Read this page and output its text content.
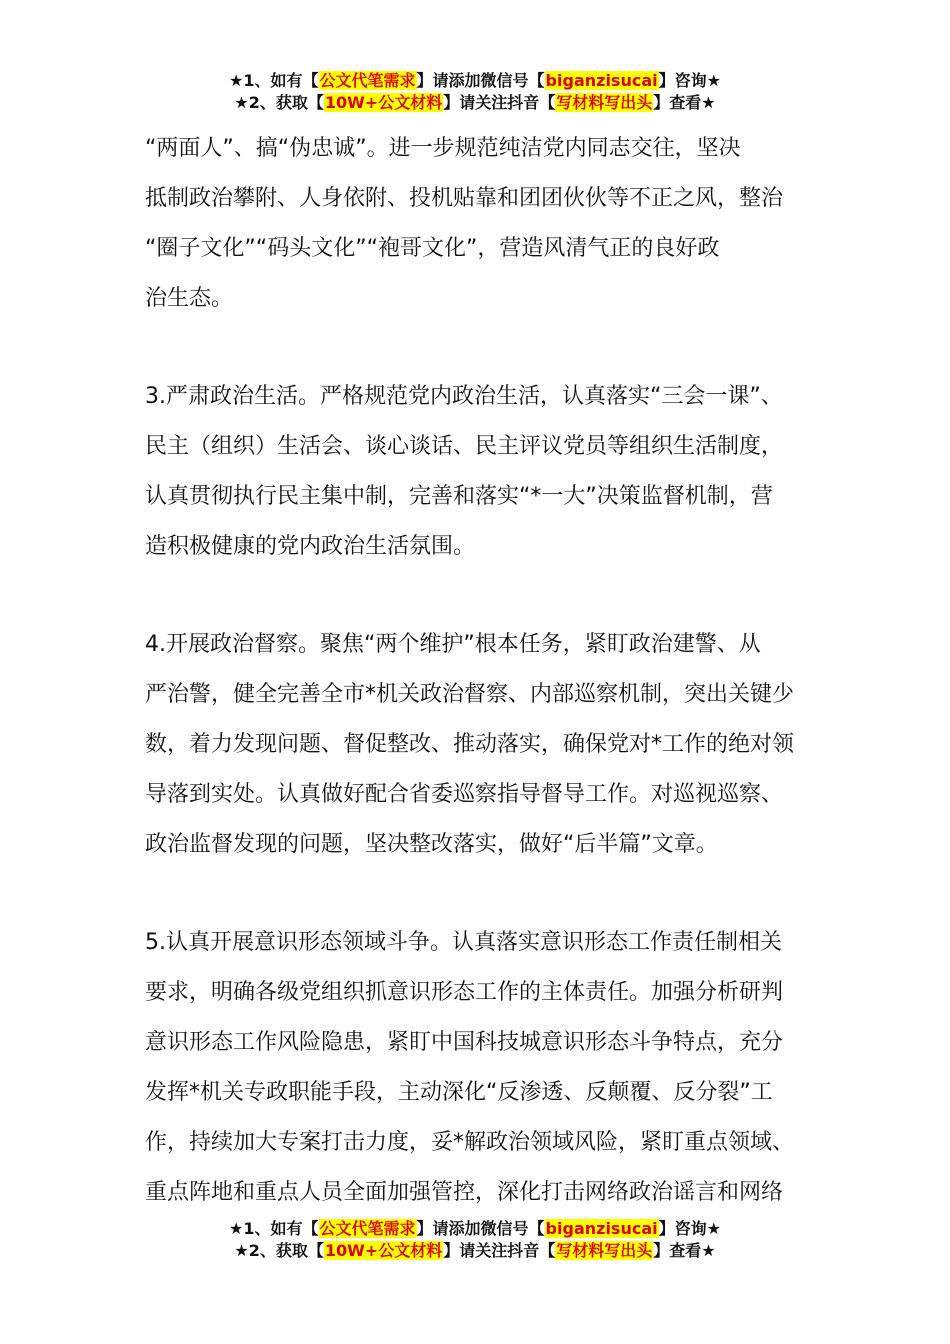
★1、如有【公文代笔需求】请添加微信号【biganzisucai】咨询★
★2、获取【10W+公文材料】请关注抖音【写材料写出头】查看★
“两面人”、搞“伪忠诚”。进一步规范纯洁党内同志交往，坚决
抵制政治攀附、人身依附、投机贴靠和团团伙伙等不正之风，整治
“圈子文化”“码头文化”“袍哥文化”，营造风清气正的良好政
治生态。
3.严肃政治生活。严格规范党内政治生活，认真落实“三会一课”、
民主（组织）生活会、谈心谈话、民主评议党员等组织生活制度，
认真贯彻执行民主集中制，完善和落实“*一大”决策监督机制，营
造积极健康的党内政治生活氛围。
4.开展政治督察。聚焦“两个维护”根本任务，紧盯政治建警、从
严治警，健全完善全市*机关政治督察、内部巡察机制，突出关键少
数，着力发现问题、督促整改、推动落实，确保党对*工作的绝对领
导落到实处。认真做好配合省委巡察指导督导工作。对巡视巡察、
政治监督发现的问题，坚决整改落实，做好“后半篇”文章。
5.认真开展意识形态领域斗争。认真落实意识形态工作责任制相关
要求，明确各级党组织抓意识形态工作的主体责任。加强分析研判
意识形态工作风险隐患，紧盯中国科技城意识形态斗争特点，充分
发挥*机关专政职能手段，主动深化“反渗透、反颠覆、反分裂”工
作，持续加大专案打击力度，妥*解政治领域风险，紧盯重点领域、
重点阵地和重点人员全面加强管控，深化打击网络政治谣言和网络
★1、如有【公文代笔需求】请添加微信号【biganzisucai】咨询★
★2、获取【10W+公文材料】请关注抖音【写材料写出头】查看★
